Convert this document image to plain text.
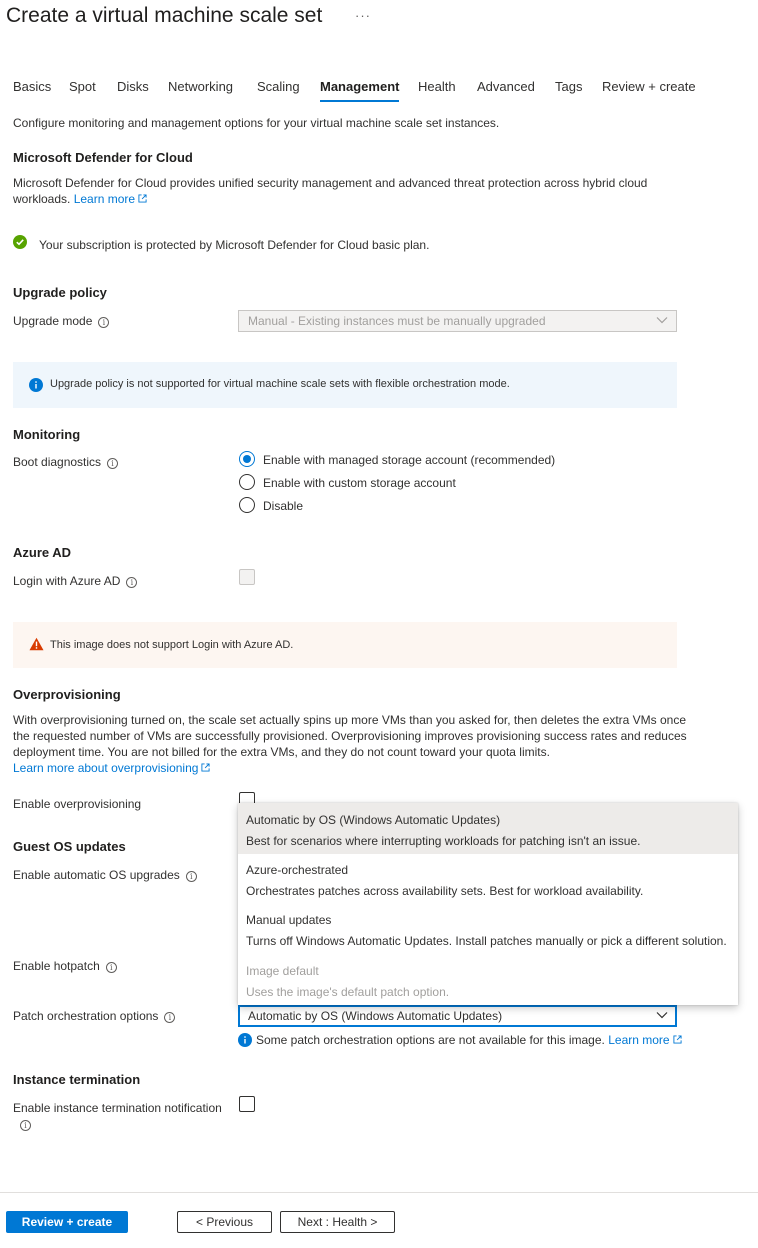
Create a virtual machine scale set	···
Basics Spot Disks Networking Scaling Management Health Advanced Tags Review + create
Configure monitoring and management options for your virtual machine scale set instances.
Microsoft Defender for Cloud
Microsoft Defender for Cloud provides unified security management and advanced threat protection across hybrid cloud
workloads. Learn more
Your subscription is protected by Microsoft Defender for Cloud basic plan.
Upgrade policy
Upgrade mode i	Manual - Existing instances must be manually upgraded
Upgrade policy is not supported for virtual machine scale sets with flexible orchestration mode.
Monitoring
Boot diagnostics i	Enable with managed storage account (recommended)
Enable with custom storage account
Disable
Azure AD
Login with Azure AD i
This image does not support Login with Azure AD.
Overprovisioning
With overprovisioning turned on, the scale set actually spins up more VMs than you asked for, then deletes the extra VMs once
the requested number of VMs are successfully provisioned. Overprovisioning improves provisioning success rates and reduces
deployment time. You are not billed for the extra VMs, and they do not count toward your quota limits.
Learn more about overprovisioning
Enable overprovisioning
Guest OS updates
Enable automatic OS upgrades i
Enable hotpatch i
Patch orchestration options i	Automatic by OS (Windows Automatic Updates)
Some patch orchestration options are not available for this image. Learn more
Automatic by OS (Windows Automatic Updates)
Best for scenarios where interrupting workloads for patching isn't an issue.
Azure-orchestrated
Orchestrates patches across availability sets. Best for workload availability.
Manual updates
Turns off Windows Automatic Updates. Install patches manually or pick a different solution.
Image default
Uses the image's default patch option.
Instance termination
Enable instance termination notification
i
Review + create	< Previous	Next : Health >
